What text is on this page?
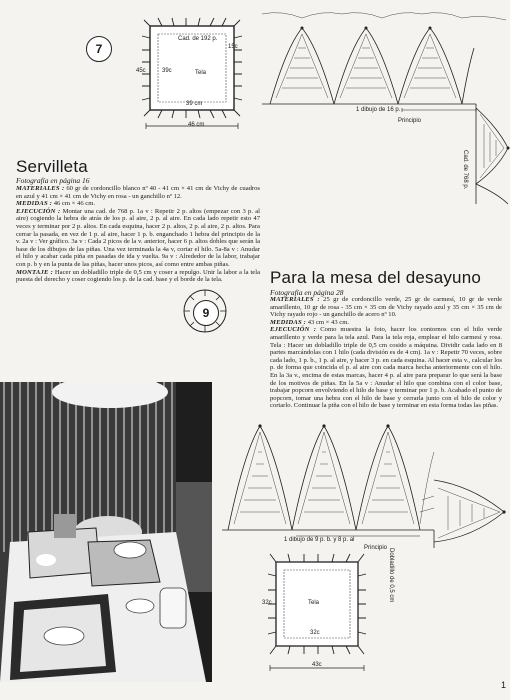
7
Cad. de 192 p.
Tela
45c	39c
15c
39 cm
46 cm
1 dibujo de 16 p.
Principio
Cad. de 768 p.
Servilleta
Fotografía en página 16

MATERIALES : 60 gr de cordoncillo blanco nº 40 - 41 cm × 41 cm de Vichy de cuadros en azul y 41 cm × 41 cm de Vichy en rosa - un ganchillo nº 12.

MEDIDAS : 46 cm × 46 cm.

EJECUCIÓN : Montar una cad. de 768 p. 1a v : Repetir 2 p. altos (empezar con 3 p. al aire) cogiendo la hebra de atrás de los p. al aire, 2 p. al aire. En cada lado repetir esto 47 veces y terminar por 2 p. altos. En cada esquina, hacer 2 p. altos, 2 p. al aire, 2 p. altos. Para cerrar la pasada, en vez de 1 p. al aire, hacer 1 p. b. enganchado 1 hebra del principio de la v. 2a v : Ver gráfico. 3a v : Cada 2 picos de la v. anterior, hacer 6 p. altos dobles que serán la base de los dibujos de las piñas. Una vez terminada la 4a v, cortar el hilo. 5a-8a v : Anudar el hilo y acabar cada piña en pasadas de ida y vuelta. 9a v : Alrededor de la labor, trabajar con p. b y en la punta de las piñas, hacer unos picos, así como entre ambas piñas.

MONTAJE : Hacer un dobladillo triple de 0,5 cm y coser a repulgo. Unir la labor a la tela puesta del derecho y coser cogiendo los p. de la cad. base y el borde de la tela.

9
Para la mesa del desayuno
Fotografía en página 28

MATERIALES : 25 gr de cordoncillo verde, 25 gr de carmesí, 10 gr de verde amarillento, 10 gr de rosa - 35 cm × 35 cm de Vichy rayado azul y 35 cm × 35 cm de Vichy rayado rojo - un ganchillo de acero nº 10.

MEDIDAS : 43 cm × 43 cm.

EJECUCIÓN : Como muestra la foto, hacer los contornos con el hilo verde amarillento y verde para la tela azul. Para la tela roja, emplear el hilo carmesí y rosa. Tela : Hacer un dobladillo triple de 0,5 cm cosido a máquina. Dividir cada lado en 8 partes marcándolas con 1 hilo (cada división es de 4 cm). 1a v : Repetir 70 veces, sobre cada lado, 1 p. b., 1 p. al aire, y hacer 3 p. en cada esquina. Al hacer esta v., calcular los p. de forma que coincida el p. al aire con cada marca hecha anteriormente con el hilo. En la 3a v., encima de estas marcas, hacer 4 p. al aire para preparar lo que será la base de los motivos de piñas. En la 5a v : Anudar el hilo que combina con el color base, trabajar popcorn envolviendo el hilo de base y terminar por 1 p. b. Acabado el punto de popcorn, tomar una hebra con el hilo de base y cerrarla junto con el hilo de color y cortarlo. Continuar la piña con el hilo de base y terminar en esta forma todas las piñas.

1 dibujo de 9 p. b. y 8 p. al
Principio Dobladillo de 0,5 cm
Tela
32c
32c
43c
1
